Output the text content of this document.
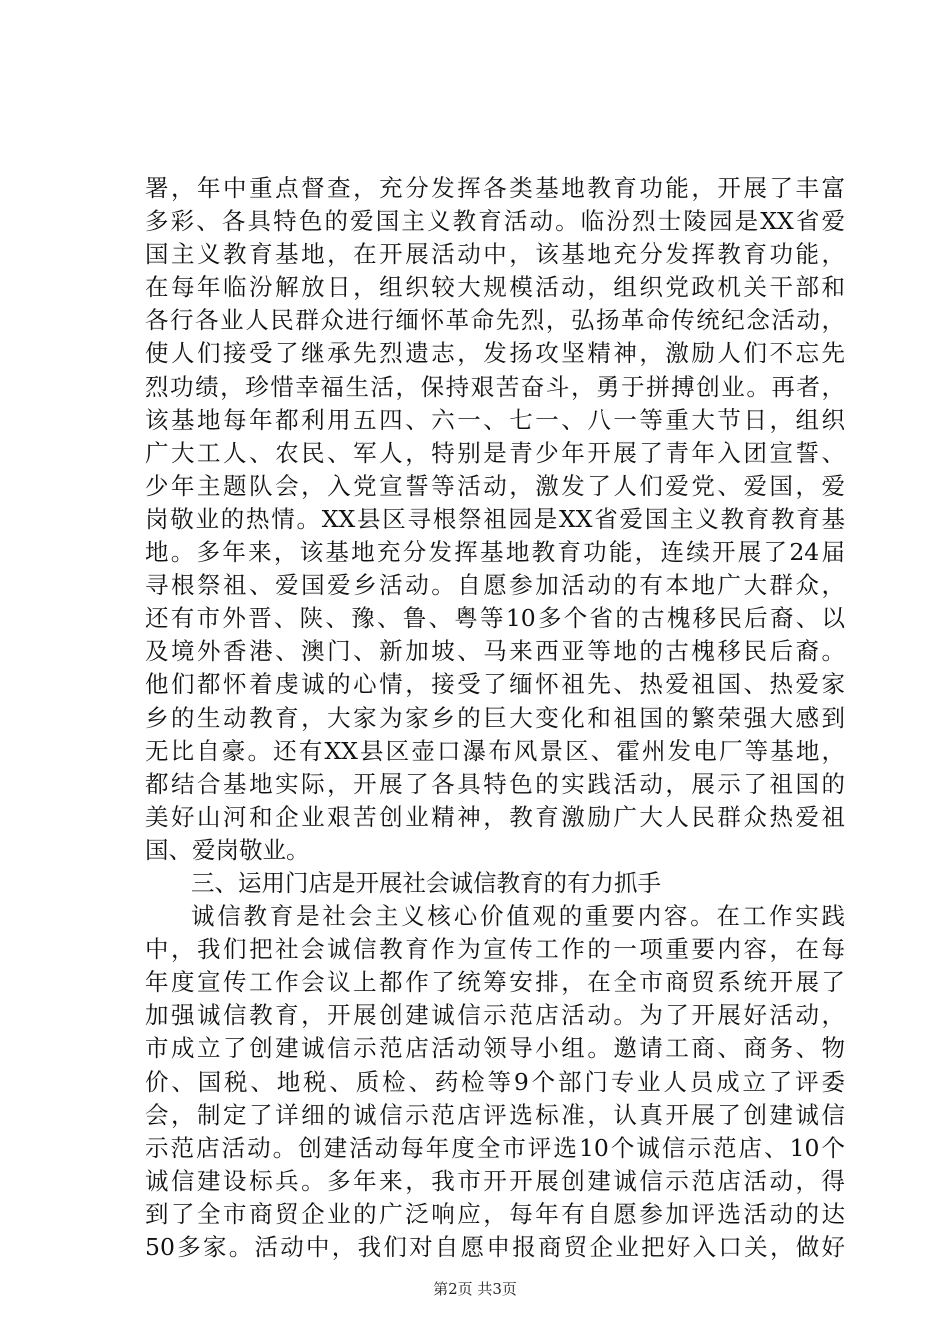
署，年中重点督查，充分发挥各类基地教育功能，开展了丰富
多彩、各具特色的爱国主义教育活动。临汾烈士陵园是XX省爱
国主义教育基地，在开展活动中，该基地充分发挥教育功能，
在每年临汾解放日，组织较大规模活动，组织党政机关干部和
各行各业人民群众进行缅怀革命先烈，弘扬革命传统纪念活动，
使人们接受了继承先烈遗志，发扬攻坚精神，激励人们不忘先
烈功绩，珍惜幸福生活，保持艰苦奋斗，勇于拼搏创业。再者，
该基地每年都利用五四、六一、七一、八一等重大节日，组织
广大工人、农民、军人，特别是青少年开展了青年入团宣誓、
少年主题队会，入党宣誓等活动，激发了人们爱党、爱国，爱
岗敬业的热情。XX县区寻根祭祖园是XX省爱国主义教育教育基
地。多年来，该基地充分发挥基地教育功能，连续开展了24届
寻根祭祖、爱国爱乡活动。自愿参加活动的有本地广大群众，
还有市外晋、陕、豫、鲁、粤等10多个省的古槐移民后裔、以
及境外香港、澳门、新加坡、马来西亚等地的古槐移民后裔。
他们都怀着虔诚的心情，接受了缅怀祖先、热爱祖国、热爱家
乡的生动教育，大家为家乡的巨大变化和祖国的繁荣强大感到
无比自豪。还有XX县区壶口瀑布风景区、霍州发电厂等基地，
都结合基地实际，开展了各具特色的实践活动，展示了祖国的
美好山河和企业艰苦创业精神，教育激励广大人民群众热爱祖
国、爱岗敬业。
三、运用门店是开展社会诚信教育的有力抓手
诚信教育是社会主义核心价值观的重要内容。在工作实践
中，我们把社会诚信教育作为宣传工作的一项重要内容，在每
年度宣传工作会议上都作了统筹安排，在全市商贸系统开展了
加强诚信教育，开展创建诚信示范店活动。为了开展好活动，
市成立了创建诚信示范店活动领导小组。邀请工商、商务、物
价、国税、地税、质检、药检等9个部门专业人员成立了评委
会，制定了详细的诚信示范店评选标准，认真开展了创建诚信
示范店活动。创建活动每年度全市评选10个诚信示范店、10个
诚信建设标兵。多年来，我市开开展创建诚信示范店活动，得
到了全市商贸企业的广泛响应，每年有自愿参加评选活动的达
50多家。活动中，我们对自愿申报商贸企业把好入口关，做好
第2页 共3页
